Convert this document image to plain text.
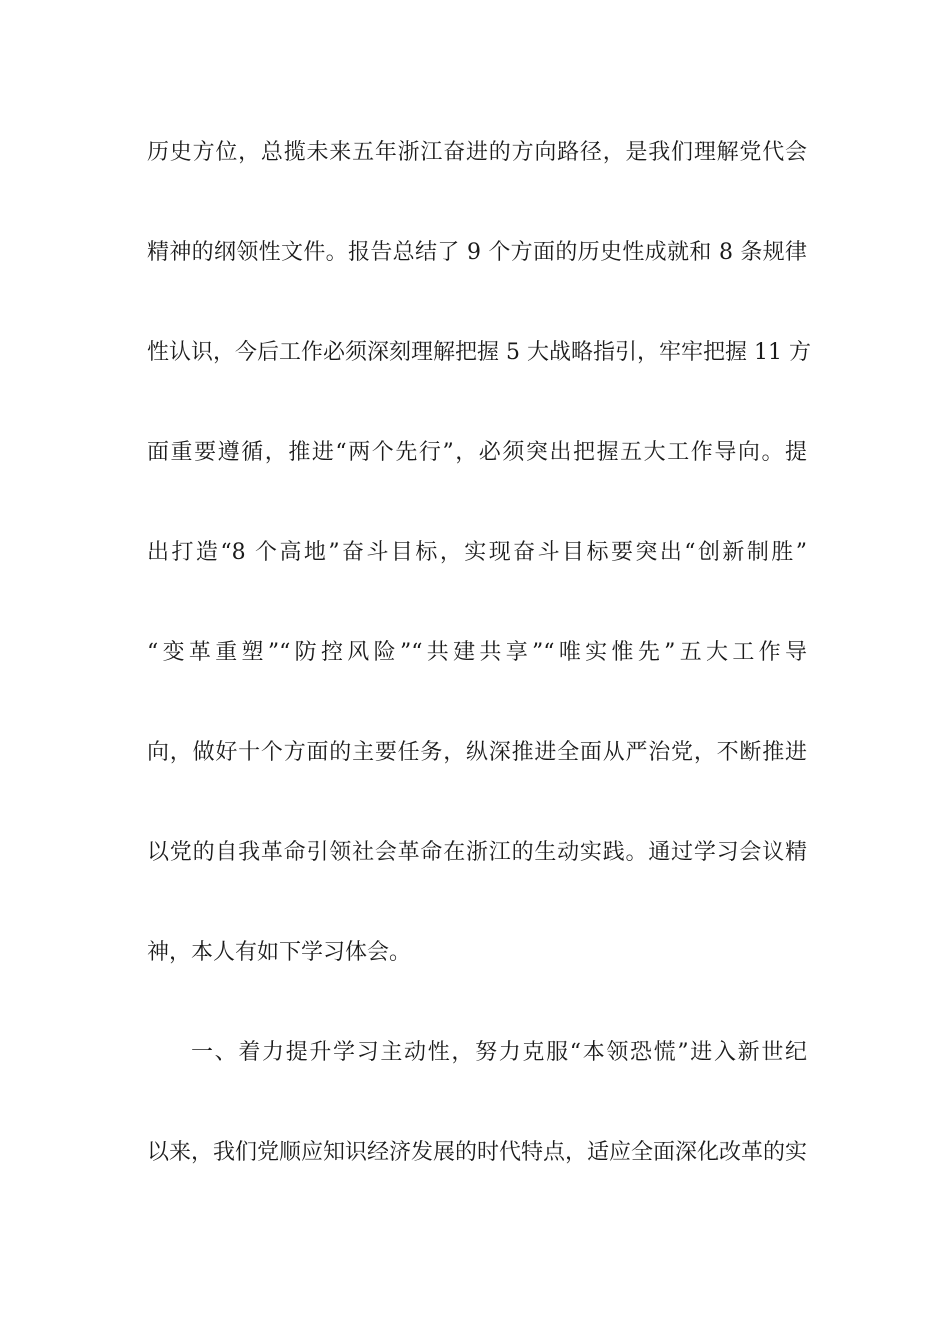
历史方位，总揽未来五年浙江奋进的方向路径，是我们理解党代会
精神的纲领性文件。报告总结了 9 个方面的历史性成就和 8 条规律
性认识，今后工作必须深刻理解把握 5 大战略指引，牢牢把握 11 方
面重要遵循，推进“两个先行”，必须突出把握五大工作导向。提
出打造“8 个高地”奋斗目标，实现奋斗目标要突出“创新制胜”
“变革重塑”“防控风险”“共建共享”“唯实惟先”五大工作导
向，做好十个方面的主要任务，纵深推进全面从严治党，不断推进
以党的自我革命引领社会革命在浙江的生动实践。通过学习会议精
神，本人有如下学习体会。
一、着力提升学习主动性，努力克服“本领恐慌”进入新世纪
以来，我们党顺应知识经济发展的时代特点，适应全面深化改革的实
